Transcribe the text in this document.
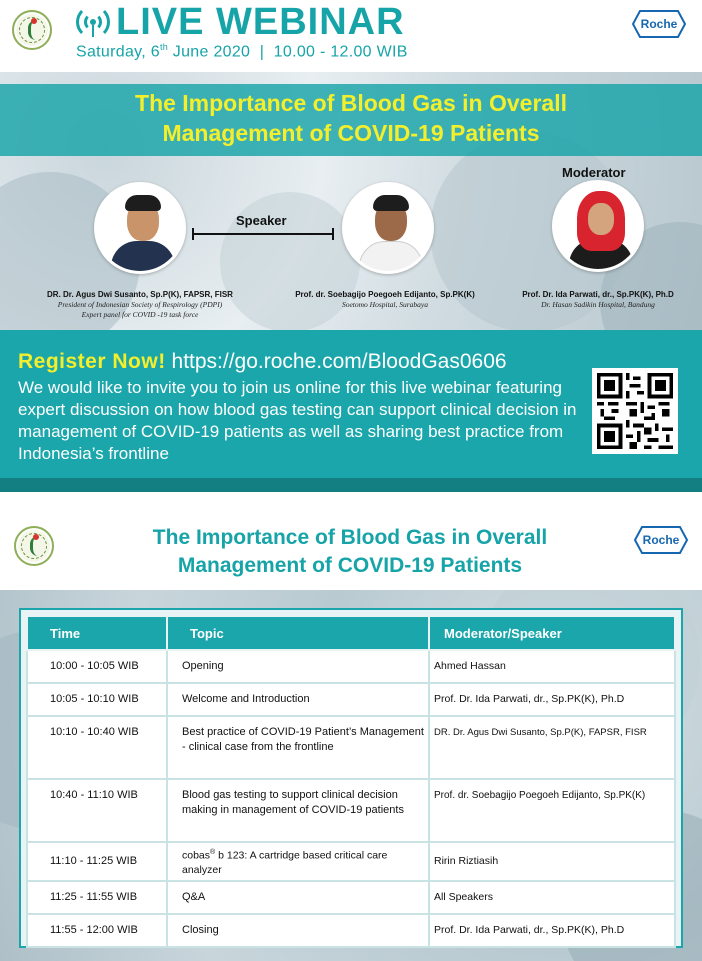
LIVE WEBINAR
Saturday, 6th June 2020  |  10.00 - 12.00 WIB
Roche
The Importance of Blood Gas in Overall
Management of COVID-19 Patients
Speaker
Moderator
DR. Dr. Agus Dwi Susanto, Sp.P(K), FAPSR, FISR
President of Indonesian Society of Respirology (PDPI)
Expert panel for COVID -19 task force
Prof. dr. Soebagijo Poegoeh Edijanto, Sp.PK(K)
Soetomo Hospital, Surabaya
Prof. Dr. Ida Parwati, dr., Sp.PK(K), Ph.D
Dr. Hasan Sadikin Hospital, Bandung
Register Now! https://go.roche.com/BloodGas0606
We would like to invite you to join us online for this live webinar featuring expert discussion on how blood gas testing can support clinical decision in management of COVID-19 patients as well as sharing best practice from Indonesia’s frontline
The Importance of Blood Gas in Overall
Management of COVID-19 Patients
Roche
Time	Topic	Moderator/Speaker
10:00 - 10:05 WIB	Opening	Ahmed Hassan
10:05 - 10:10 WIB	Welcome and Introduction	Prof. Dr. Ida Parwati, dr., Sp.PK(K), Ph.D
10:10 - 10:40 WIB	Best practice of COVID-19 Patient’s Management - clinical case from the frontline	DR. Dr. Agus Dwi Susanto, Sp.P(K), FAPSR, FISR
10:40 - 11:10 WIB	Blood gas testing to support clinical decision making in management of COVID-19 patients	Prof. dr. Soebagijo Poegoeh Edijanto, Sp.PK(K)
11:10 - 11:25 WIB	cobas® b 123: A cartridge based critical care analyzer	Ririn Riztiasih
11:25 - 11:55 WIB	Q&A	All Speakers
11:55 - 12:00 WIB	Closing	Prof. Dr. Ida Parwati, dr., Sp.PK(K), Ph.D
